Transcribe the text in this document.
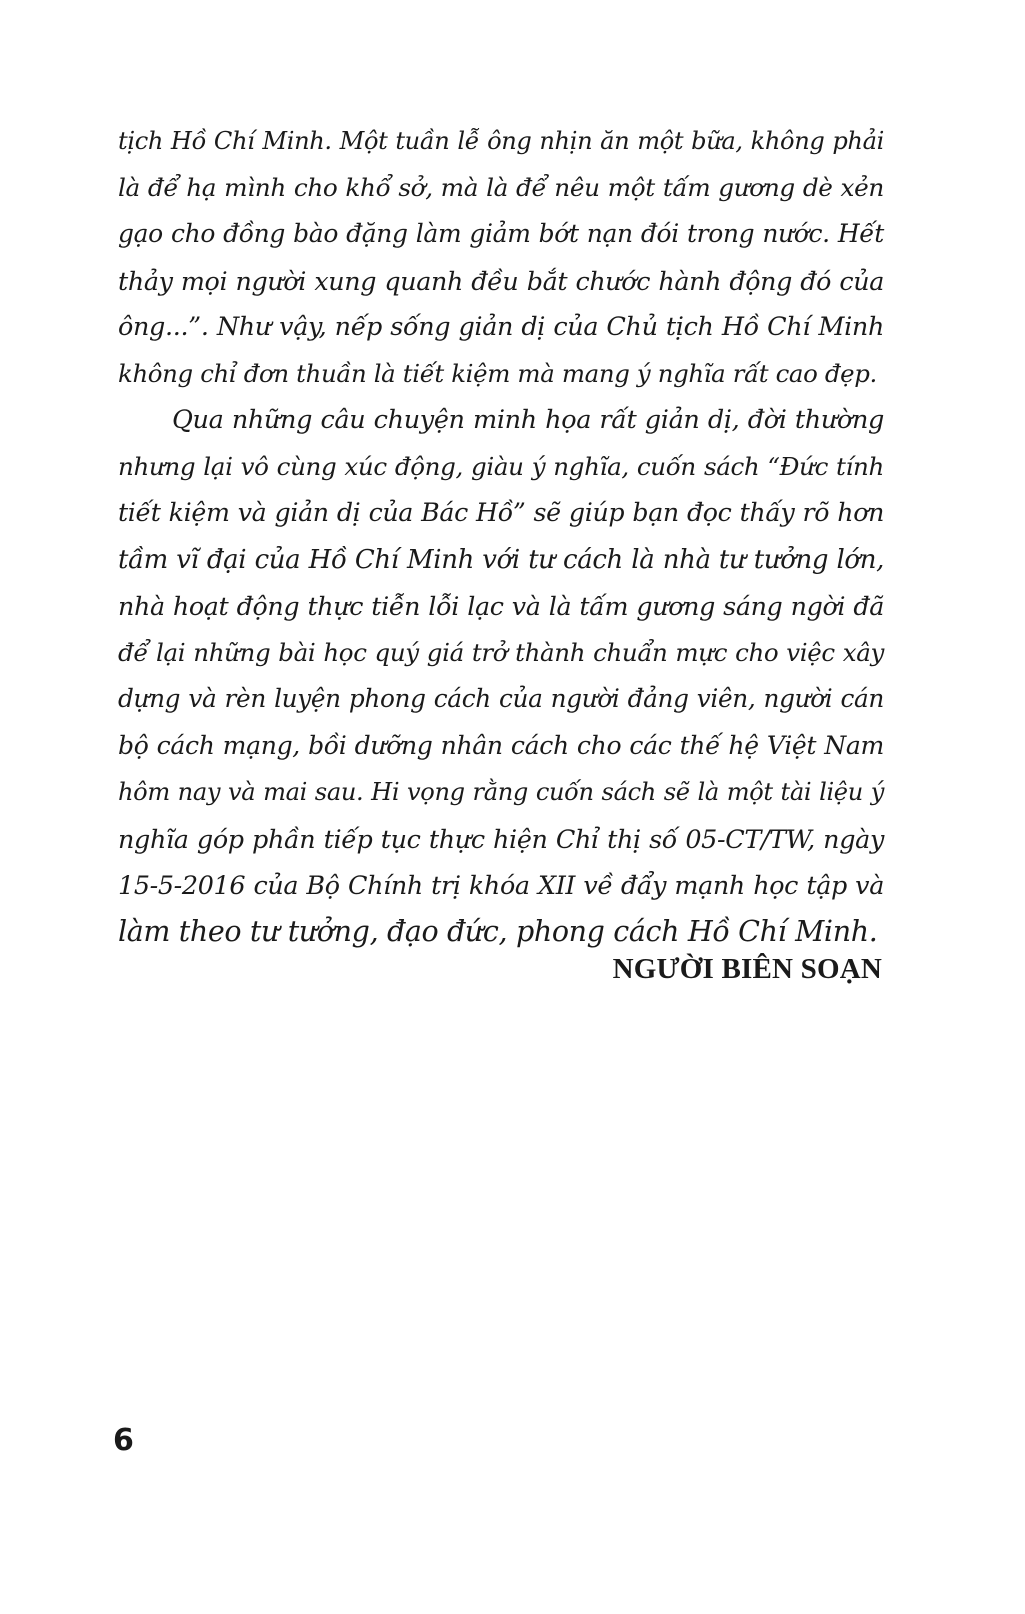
tịch Hồ Chí Minh. Một tuần lễ ông nhịn ăn một bữa, không phải
là để hạ mình cho khổ sở, mà là để nêu một tấm gương dè xẻn
gạo cho đồng bào đặng làm giảm bớt nạn đói trong nước. Hết
thảy mọi người xung quanh đều bắt chước hành động đó của
ông...”. Như vậy, nếp sống giản dị của Chủ tịch Hồ Chí Minh
không chỉ đơn thuần là tiết kiệm mà mang ý nghĩa rất cao đẹp.
Qua những câu chuyện minh họa rất giản dị, đời thường
nhưng lại vô cùng xúc động, giàu ý nghĩa, cuốn sách “Đức tính
tiết kiệm và giản dị của Bác Hồ” sẽ giúp bạn đọc thấy rõ hơn
tầm vĩ đại của Hồ Chí Minh với tư cách là nhà tư tưởng lớn,
nhà hoạt động thực tiễn lỗi lạc và là tấm gương sáng ngời đã
để lại những bài học quý giá trở thành chuẩn mực cho việc xây
dựng và rèn luyện phong cách của người đảng viên, người cán
bộ cách mạng, bồi dưỡng nhân cách cho các thế hệ Việt Nam
hôm nay và mai sau. Hi vọng rằng cuốn sách sẽ là một tài liệu ý
nghĩa góp phần tiếp tục thực hiện Chỉ thị số 05-CT/TW, ngày
15-5-2016 của Bộ Chính trị khóa XII về đẩy mạnh học tập và
làm theo tư tưởng, đạo đức, phong cách Hồ Chí Minh.
NGƯỜI BIÊN SOẠN
6
